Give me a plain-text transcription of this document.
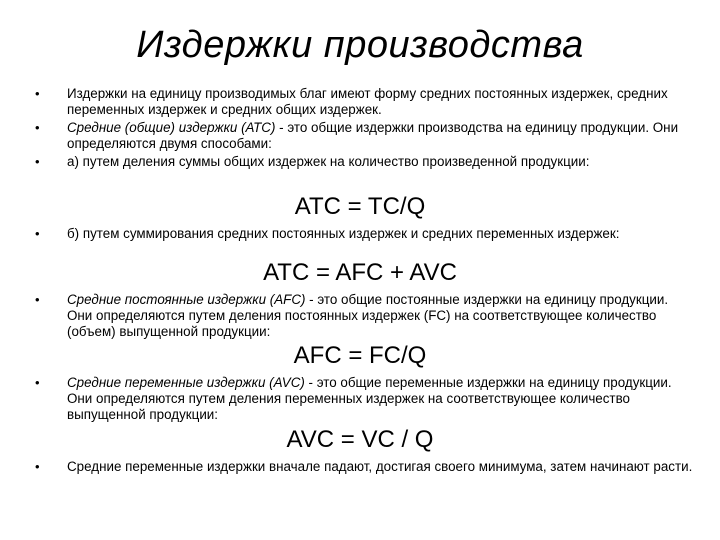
Издержки производства
• Издержки на единицу производимых благ имеют форму средних постоянных издержек, средних переменных издержек и средних общих издержек.
• Средние (общие) издержки (АТС) - это общие издержки производства на единицу продукции. Они определяются двумя способами:
• а) путем деления суммы общих издержек на количество произведенной продукции:
ATC = TC/Q
• б) путем суммирования средних постоянных издержек и средних переменных издержек:
ATC = AFC + AVC
• Средние постоянные издержки (AFC) - это общие постоянные издержки на единицу продукции. Они определяются путем деления постоянных издержек (FC) на соответствующее количество (объем) выпущенной продукции:
AFC = FC/Q
• Средние переменные издержки (AVC) - это общие переменные издержки на единицу продукции. Они определяются путем деления переменных издержек на соответствующее количество выпущенной продукции:
AVC = VC / Q
• Средние переменные издержки вначале падают, достигая своего минимума, затем начинают расти.
